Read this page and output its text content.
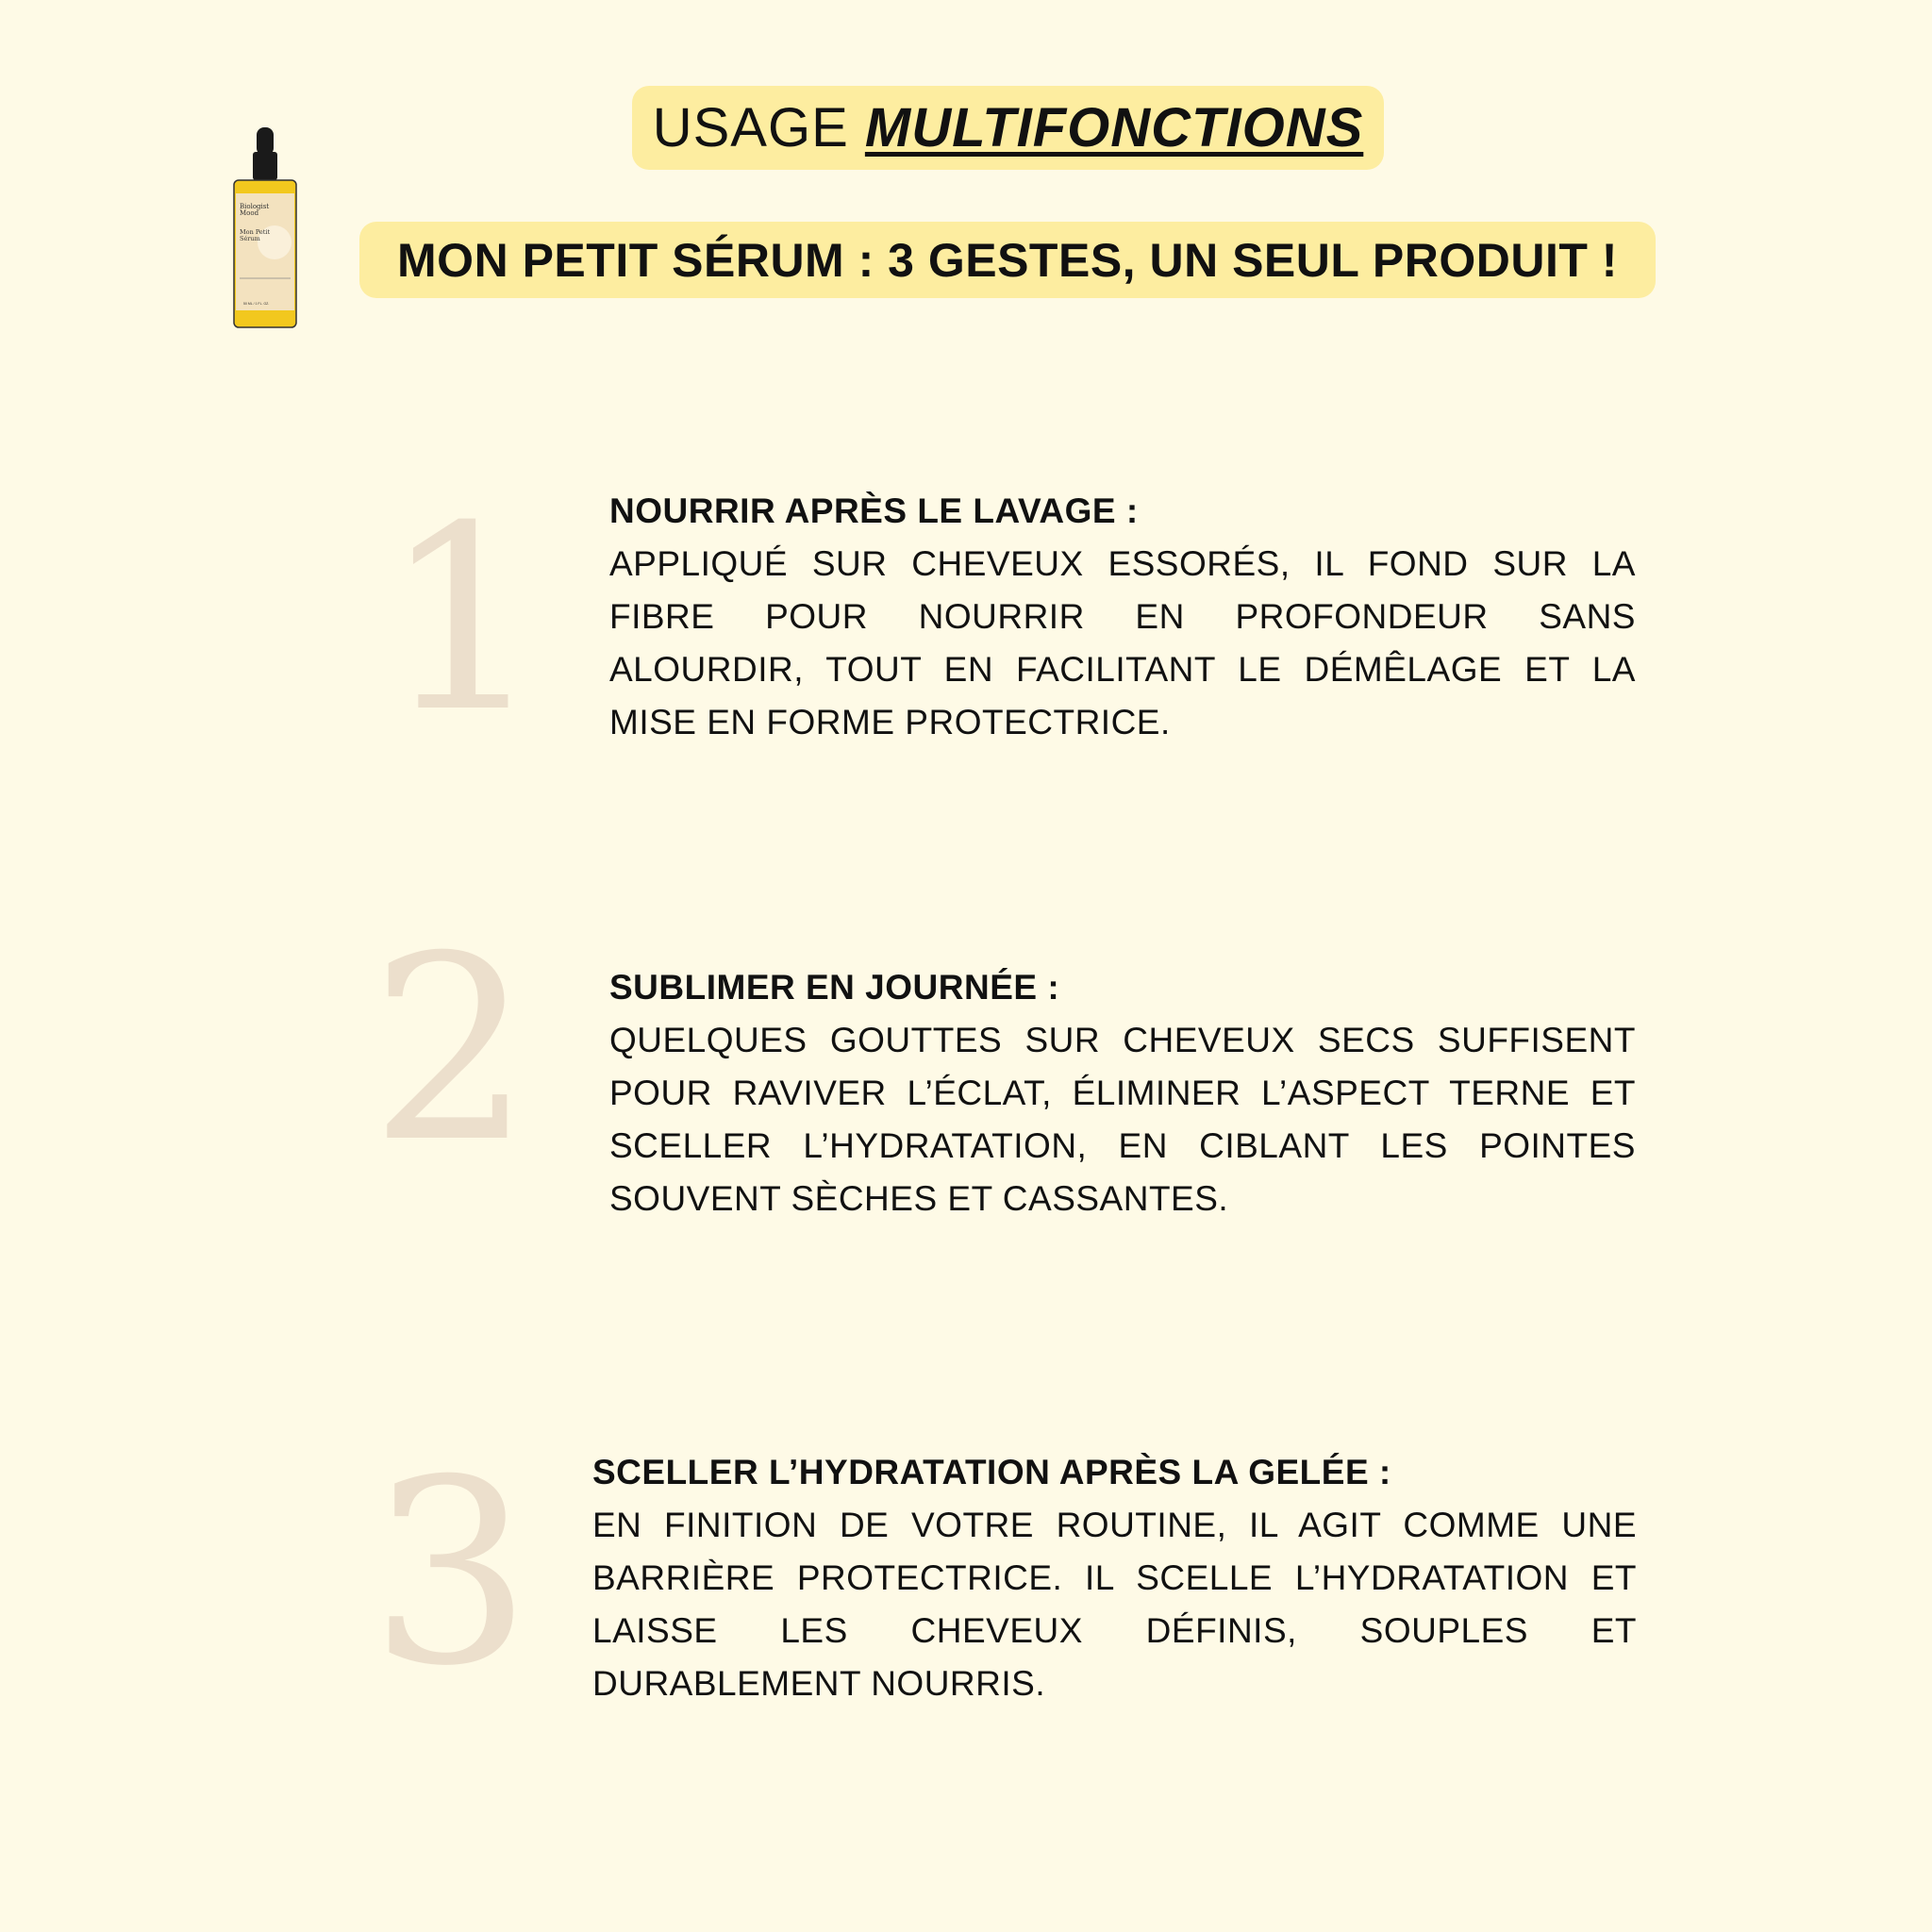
USAGE MULTIFONCTIONS
MON PETIT SÉRUM : 3 GESTES, UN SEUL PRODUIT !
Biologist
Mood
Mon Petit
Sérum
50 ML / 1 FL. OZ.
1 NOURRIR APRÈS LE LAVAGE :

APPLIQUÉ SUR CHEVEUX ESSORÉS, IL FOND SUR LA FIBRE POUR NOURRIR EN PROFONDEUR SANS ALOURDIR, TOUT EN FACILITANT LE DÉMÊLAGE ET LA MISE EN FORME PROTECTRICE.

2 SUBLIMER EN JOURNÉE :

QUELQUES GOUTTES SUR CHEVEUX SECS SUFFISENT POUR RAVIVER L’ÉCLAT, ÉLIMINER L’ASPECT TERNE ET SCELLER L’HYDRATATION, EN CIBLANT LES POINTES SOUVENT SÈCHES ET CASSANTES.

3 SCELLER L’HYDRATATION APRÈS LA GELÉE :

EN FINITION DE VOTRE ROUTINE, IL AGIT COMME UNE BARRIÈRE PROTECTRICE. IL SCELLE L’HYDRATATION ET LAISSE LES CHEVEUX DÉFINIS, SOUPLES ET DURABLEMENT NOURRIS.
